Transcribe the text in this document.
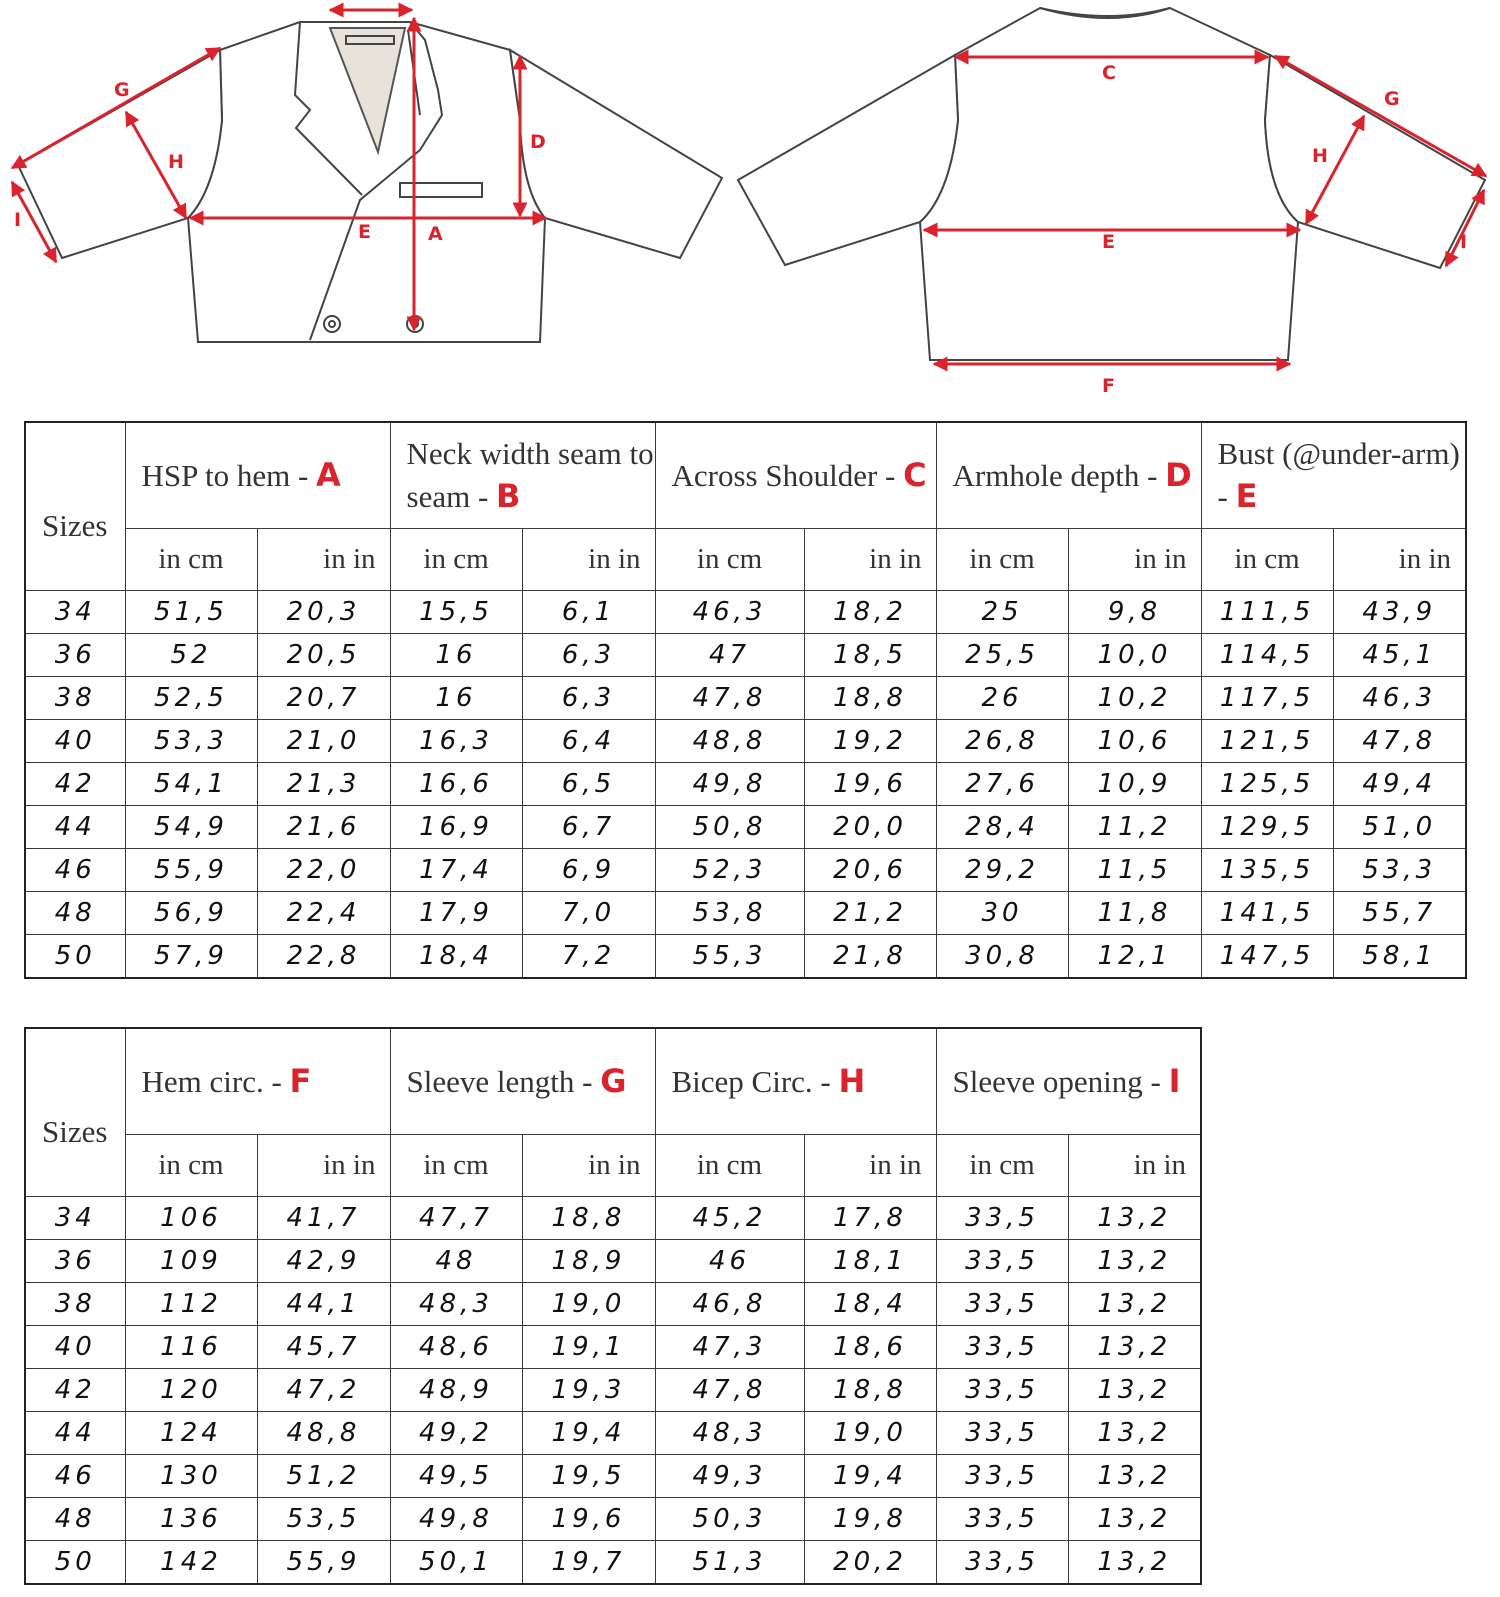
G
H
I
E	A
D
C
G
H
E	I
F
Sizes	HSP to hem - A		Neck width seam to seam - B		Across Shoulder - C		Armhole depth - D		Bust (@under-arm) - E	
	in cm	in in	in cm	in in	in cm	in in	in cm	in in	in cm	in in
34	51,5	20,3	15,5	6,1	46,3	18,2	25	9,8	111,5	43,9
36	52	20,5	16	6,3	47	18,5	25,5	10,0	114,5	45,1
38	52,5	20,7	16	6,3	47,8	18,8	26	10,2	117,5	46,3
40	53,3	21,0	16,3	6,4	48,8	19,2	26,8	10,6	121,5	47,8
42	54,1	21,3	16,6	6,5	49,8	19,6	27,6	10,9	125,5	49,4
44	54,9	21,6	16,9	6,7	50,8	20,0	28,4	11,2	129,5	51,0
46	55,9	22,0	17,4	6,9	52,3	20,6	29,2	11,5	135,5	53,3
48	56,9	22,4	17,9	7,0	53,8	21,2	30	11,8	141,5	55,7
50	57,9	22,8	18,4	7,2	55,3	21,8	30,8	12,1	147,5	58,1
Sizes	Hem circ. - F		Sleeve length - G		Bicep Circ. - H		Sleeve opening - I	
	in cm	in in	in cm	in in	in cm	in in	in cm	in in
34	106	41,7	47,7	18,8	45,2	17,8	33,5	13,2
36	109	42,9	48	18,9	46	18,1	33,5	13,2
38	112	44,1	48,3	19,0	46,8	18,4	33,5	13,2
40	116	45,7	48,6	19,1	47,3	18,6	33,5	13,2
42	120	47,2	48,9	19,3	47,8	18,8	33,5	13,2
44	124	48,8	49,2	19,4	48,3	19,0	33,5	13,2
46	130	51,2	49,5	19,5	49,3	19,4	33,5	13,2
48	136	53,5	49,8	19,6	50,3	19,8	33,5	13,2
50	142	55,9	50,1	19,7	51,3	20,2	33,5	13,2
